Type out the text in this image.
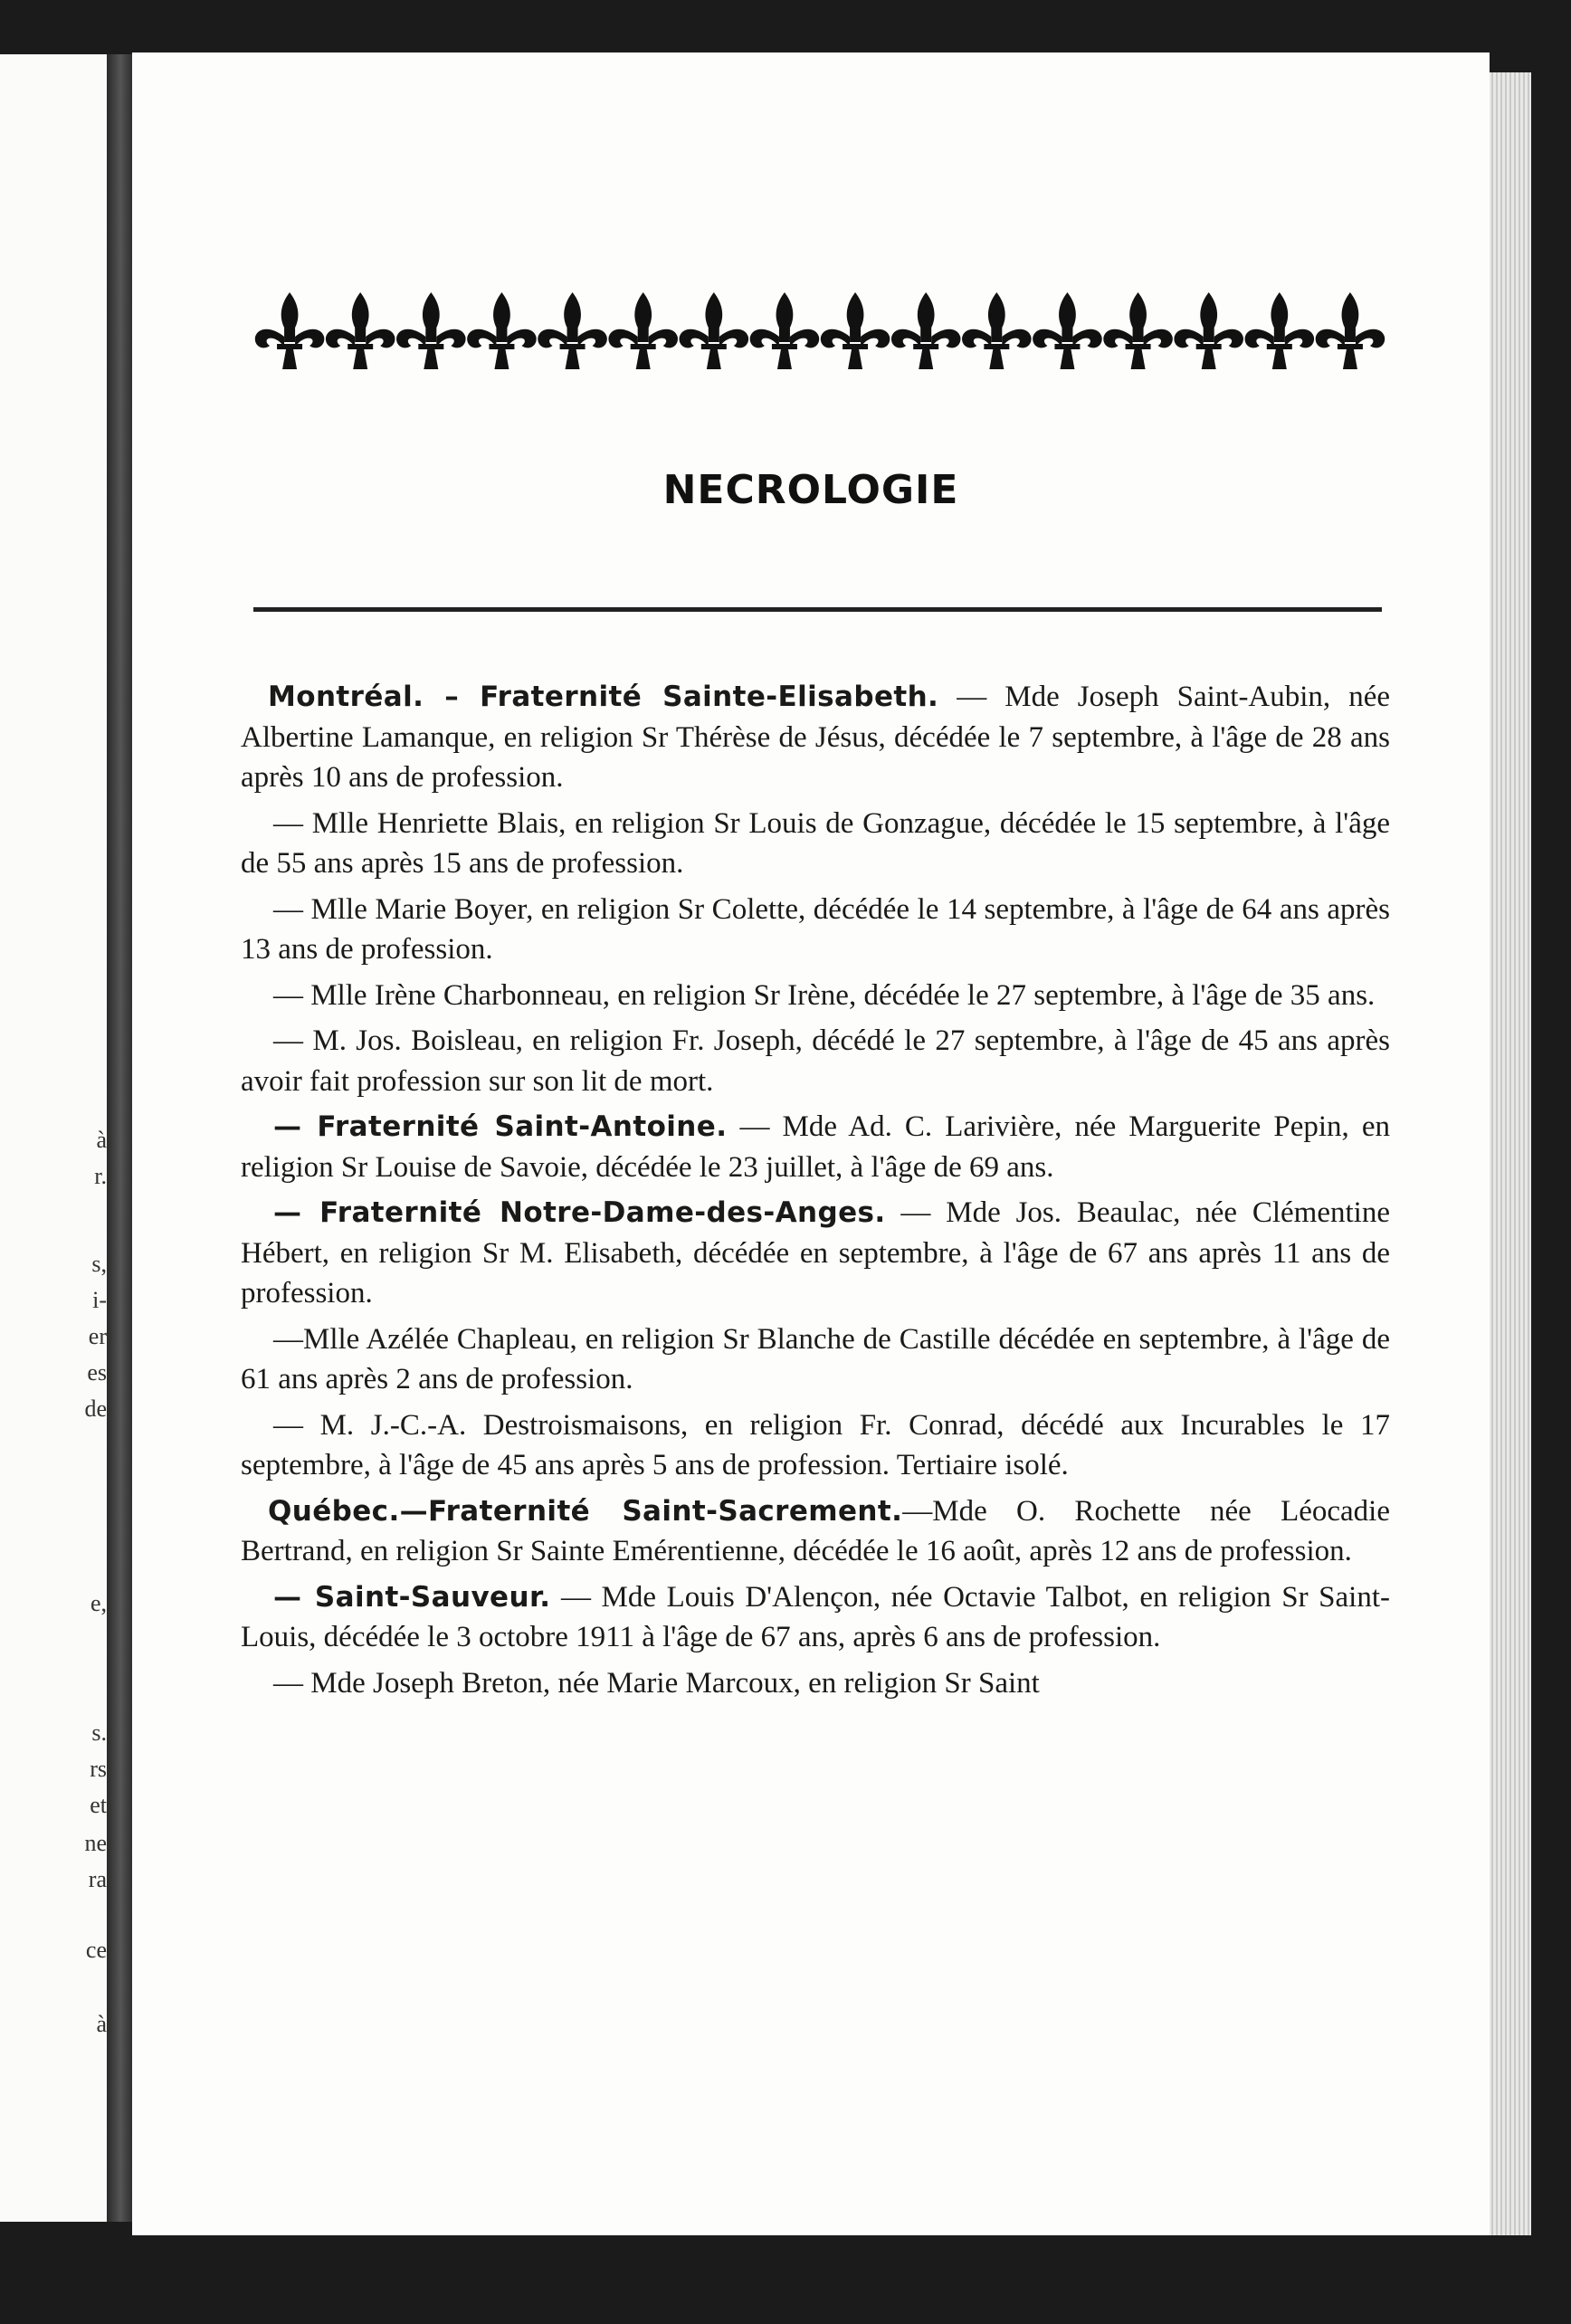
à
r.
s,
i-
er
es
de
e,
s.
rs
et
ne
ra
ce
à
NECROLOGIE

Montréal. – Fraternité Sainte-Elisabeth. — Mde Joseph Saint-Aubin, née Albertine Lamanque, en religion Sr Thérèse de Jésus, décédée le 7 septembre, à l'âge de 28 ans après 10 ans de profession.

— Mlle Henriette Blais, en religion Sr Louis de Gonzague, décédée le 15 septembre, à l'âge de 55 ans après 15 ans de profession.

— Mlle Marie Boyer, en religion Sr Colette, décédée le 14 septembre, à l'âge de 64 ans après 13 ans de profession.

— Mlle Irène Charbonneau, en religion Sr Irène, décédée le 27 septembre, à l'âge de 35 ans.

— M. Jos. Boisleau, en religion Fr. Joseph, décédé le 27 septembre, à l'âge de 45 ans après avoir fait profession sur son lit de mort.

— Fraternité Saint-Antoine. — Mde Ad. C. Larivière, née Marguerite Pepin, en religion Sr Louise de Savoie, décédée le 23 juillet, à l'âge de 69 ans.

— Fraternité Notre-Dame-des-Anges. — Mde Jos. Beaulac, née Clémentine Hébert, en religion Sr M. Elisabeth, décédée en septembre, à l'âge de 67 ans après 11 ans de profession.

—Mlle Azélée Chapleau, en religion Sr Blanche de Castille décédée en septembre, à l'âge de 61 ans après 2 ans de profession.

— M. J.-C.-A. Destroismaisons, en religion Fr. Conrad, décédé aux Incurables le 17 septembre, à l'âge de 45 ans après 5 ans de profession. Tertiaire isolé.

Québec.—Fraternité Saint-Sacrement.—Mde O. Rochette née Léocadie Bertrand, en religion Sr Sainte Emérentienne, décédée le 16 août, après 12 ans de profession.

— Saint-Sauveur. — Mde Louis D'Alençon, née Octavie Talbot, en religion Sr Saint-Louis, décédée le 3 octobre 1911 à l'âge de 67 ans, après 6 ans de profession.

— Mde Joseph Breton, née Marie Marcoux, en religion Sr Saint
